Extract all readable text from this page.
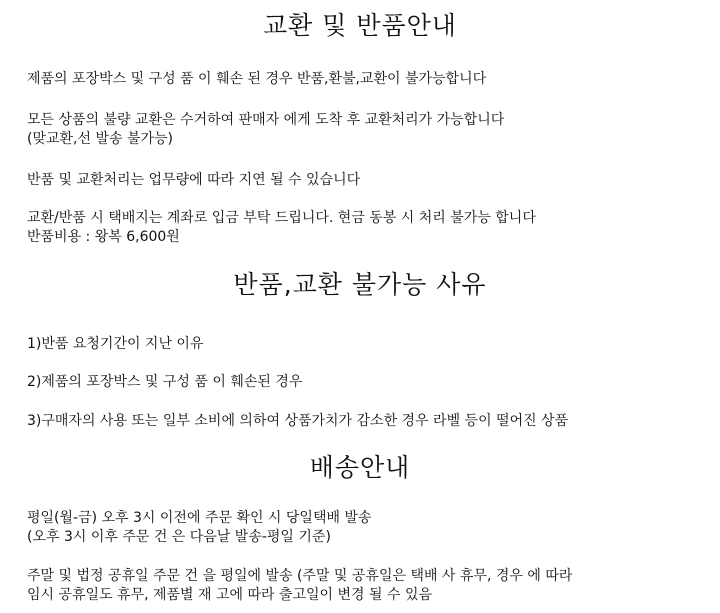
교환 및 반품안내

제품의 포장박스 및 구성 품 이 훼손 된 경우 반품,환불,교환이 불가능합니다

모든 상품의 불량 교환은 수거하여 판매자 에게 도착 후 교환처리가 가능합니다

(맞교환,선 발송 불가능)

반품 및 교환처리는 업무량에 따라 지연 될 수 있습니다

교환/반품 시 택배지는 계좌로 입금 부탁 드립니다. 현금 동봉 시 처리 불가능 합니다

반품비용 : 왕복 6,600원

반품,교환 불가능 사유

1)반품 요청기간이 지난 이유

2)제품의 포장박스 및 구성 품 이 훼손된 경우

3)구매자의 사용 또는 일부 소비에 의하여 상품가치가 감소한 경우 라벨 등이 떨어진 상품

배송안내

평일(월-금) 오후 3시 이전에 주문 확인 시 당일택배 발송

(오후 3시 이후 주문 건 은 다음날 발송-평일 기준)

주말 및 법정 공휴일 주문 건 을 평일에 발송 (주말 및 공휴일은 택배 사 휴무, 경우 에 따라

임시 공휴일도 휴무, 제품별 재 고에 따라 출고일이 변경 될 수 있음
